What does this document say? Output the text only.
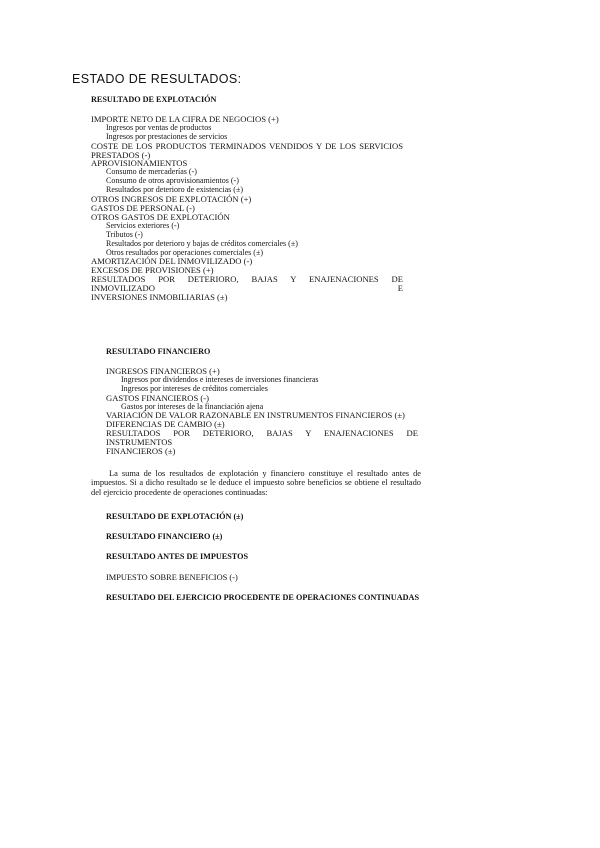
ESTADO DE RESULTADOS:
RESULTADO DE EXPLOTACIÓN
IMPORTE NETO DE LA CIFRA DE NEGOCIOS (+)
Ingresos por ventas de productos
Ingresos por prestaciones de servicios
COSTE DE LOS PRODUCTOS TERMINADOS VENDIDOS Y DE LOS SERVICIOS
PRESTADOS (-)
APROVISIONAMIENTOS
Consumo de mercaderías (-)
Consumo de otros aprovisionamientos (-)
Resultados por deterioro de existencias (±)
OTROS INGRESOS DE EXPLOTACIÓN (+)
GASTOS DE PERSONAL (-)
OTROS GASTOS DE EXPLOTACIÓN
Servicios exteriores (-)
Tributos (-)
Resultados por deterioro y bajas de créditos comerciales (±)
Otros resultados por operaciones comerciales (±)
AMORTIZACIÓN DEL INMOVILIZADO (-)
EXCESOS DE PROVISIONES (+)
RESULTADOS POR DETERIORO, BAJAS Y ENAJENACIONES DE INMOVILIZADO E
INVERSIONES INMOBILIARIAS (±)
RESULTADO FINANCIERO
INGRESOS FINANCIEROS (+)
Ingresos por dividendos e intereses de inversiones financieras
Ingresos por intereses de créditos comerciales
GASTOS FINANCIEROS (-)
Gastos por intereses de la financiación ajena
VARIACIÓN DE VALOR RAZONABLE EN INSTRUMENTOS FINANCIEROS (±)
DIFERENCIAS DE CAMBIO (±)
RESULTADOS POR DETERIORO, BAJAS Y ENAJENACIONES DE INSTRUMENTOS
FINANCIEROS (±)
La suma de los resultados de explotación y financiero constituye el resultado antes de impuestos. Si a dicho resultado se le deduce el impuesto sobre beneficios se obtiene el resultado del ejercicio procedente de operaciones continuadas:
RESULTADO DE EXPLOTACIÓN (±)
RESULTADO FINANCIERO (±)
RESULTADO ANTES DE IMPUESTOS
IMPUESTO SOBRE BENEFICIOS (-)
RESULTADO DEL EJERCICIO PROCEDENTE DE OPERACIONES CONTINUADAS
